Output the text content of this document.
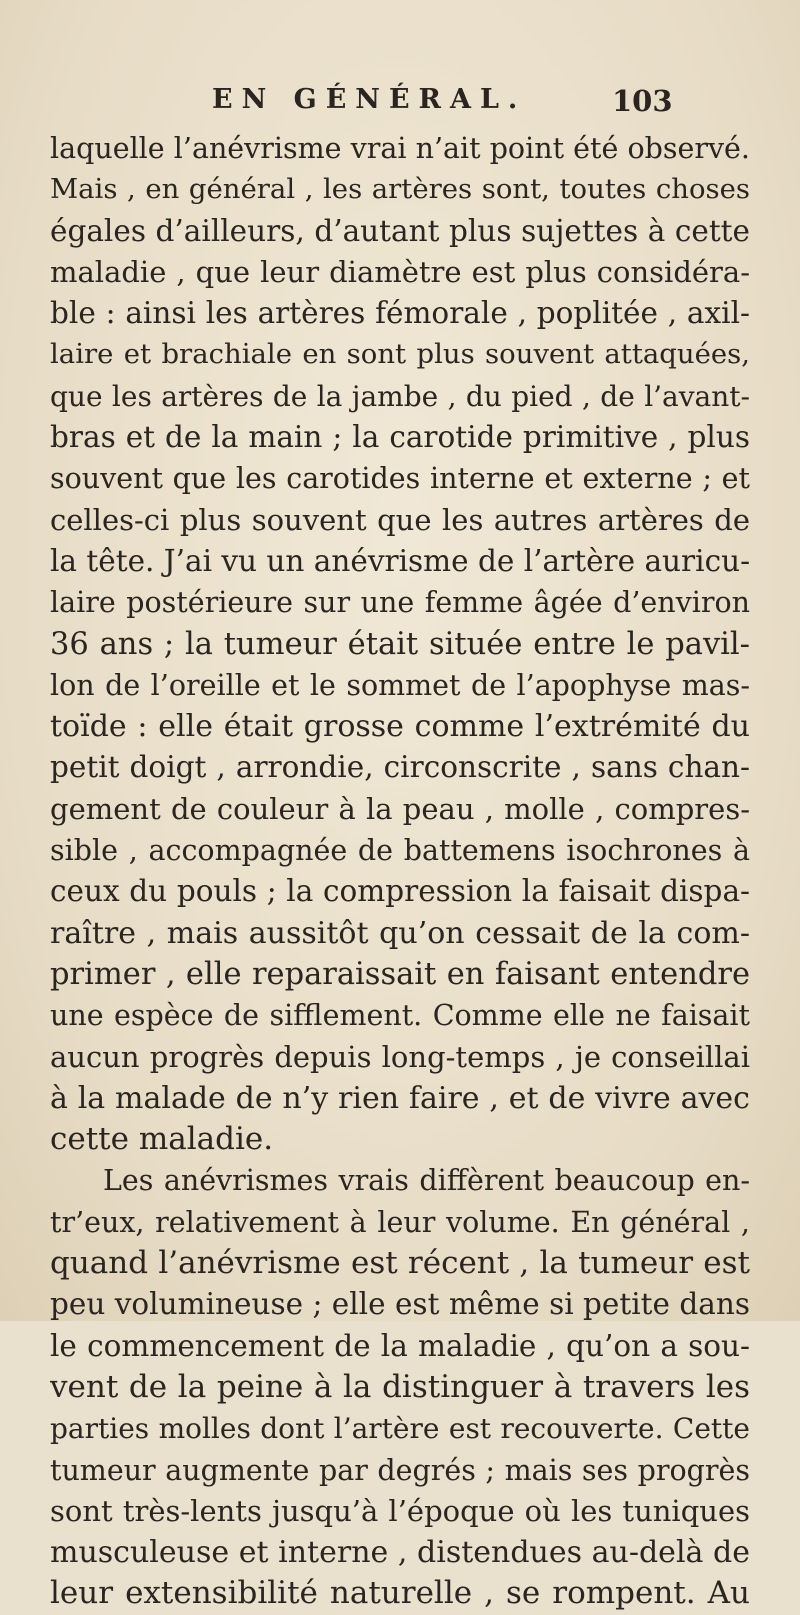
EN GÉNÉRAL.	103
laquelle l’anévrisme vrai n’ait point été observé.
Mais , en général , les artères sont, toutes choses
égales d’ailleurs, d’autant plus sujettes à cette
maladie , que leur diamètre est plus considéra-
ble : ainsi les artères fémorale , poplitée , axil-
laire et brachiale en sont plus souvent attaquées,
que les artères de la jambe , du pied , de l’avant-
bras et de la main ; la carotide primitive , plus
souvent que les carotides interne et externe ; et
celles-ci plus souvent que les autres artères de
la tête. J’ai vu un anévrisme de l’artère auricu-
laire postérieure sur une femme âgée d’environ
36 ans ; la tumeur était située entre le pavil-
lon de l’oreille et le sommet de l’apophyse mas-
toïde : elle était grosse comme l’extrémité du
petit doigt , arrondie, circonscrite , sans chan-
gement de couleur à la peau , molle , compres-
sible , accompagnée de battemens isochrones à
ceux du pouls ; la compression la faisait dispa-
raître , mais aussitôt qu’on cessait de la com-
primer , elle reparaissait en faisant entendre
une espèce de sifflement. Comme elle ne faisait
aucun progrès depuis long-temps , je conseillai
à la malade de n’y rien faire , et de vivre avec
cette maladie.
Les anévrismes vrais diffèrent beaucoup en-
tr’eux, relativement à leur volume. En général ,
quand l’anévrisme est récent , la tumeur est
peu volumineuse ; elle est même si petite dans
le commencement de la maladie , qu’on a sou-
vent de la peine à la distinguer à travers les
parties molles dont l’artère est recouverte. Cette
tumeur augmente par degrés ; mais ses progrès
sont très-lents jusqu’à l’époque où les tuniques
musculeuse et interne , distendues au-delà de
leur extensibilité naturelle , se rompent. Au
